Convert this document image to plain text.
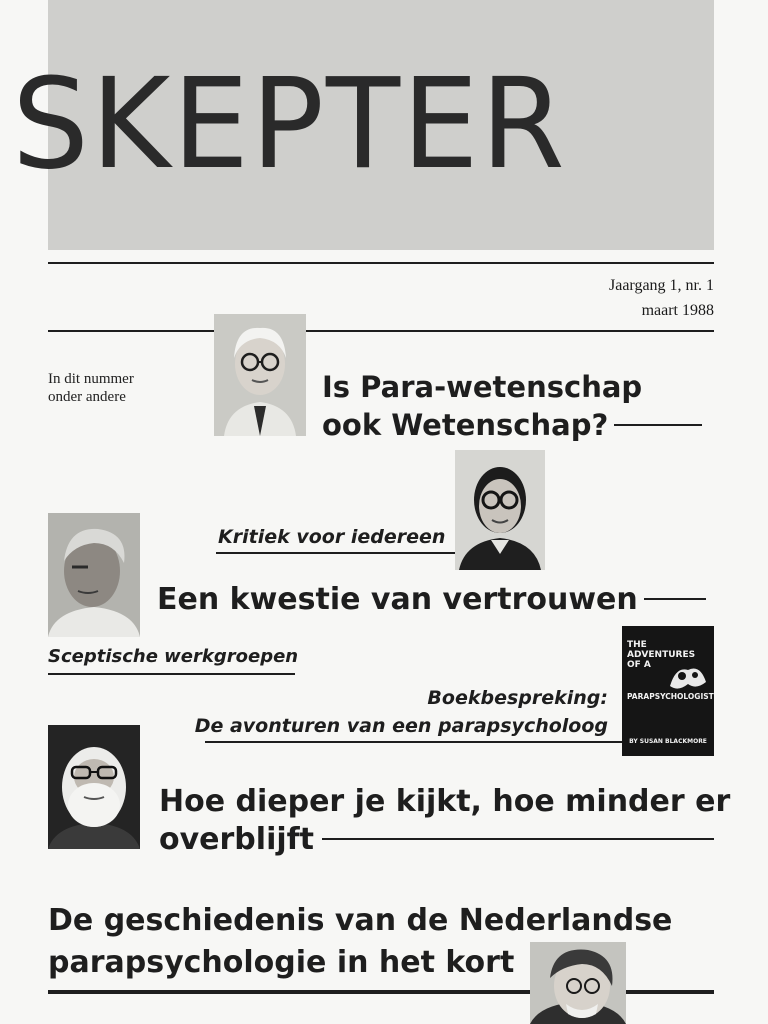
SKEPTER
Jaargang 1, nr. 1
maart 1988
In dit nummer
onder andere	Is Para-wetenschap
ook Wetenschap?
Kritiek voor iedereen
Een kwestie van vertrouwen
Sceptische werkgroepen
Boekbespreking:
De avonturen van een parapsycholoog
THE
ADVENTURES
OF A
PARAPSYCHOLOGIST
BY SUSAN BLACKMORE
Hoe dieper je kijkt, hoe minder er
overblijft
De geschiedenis van de Nederlandse
parapsychologie in het kort
